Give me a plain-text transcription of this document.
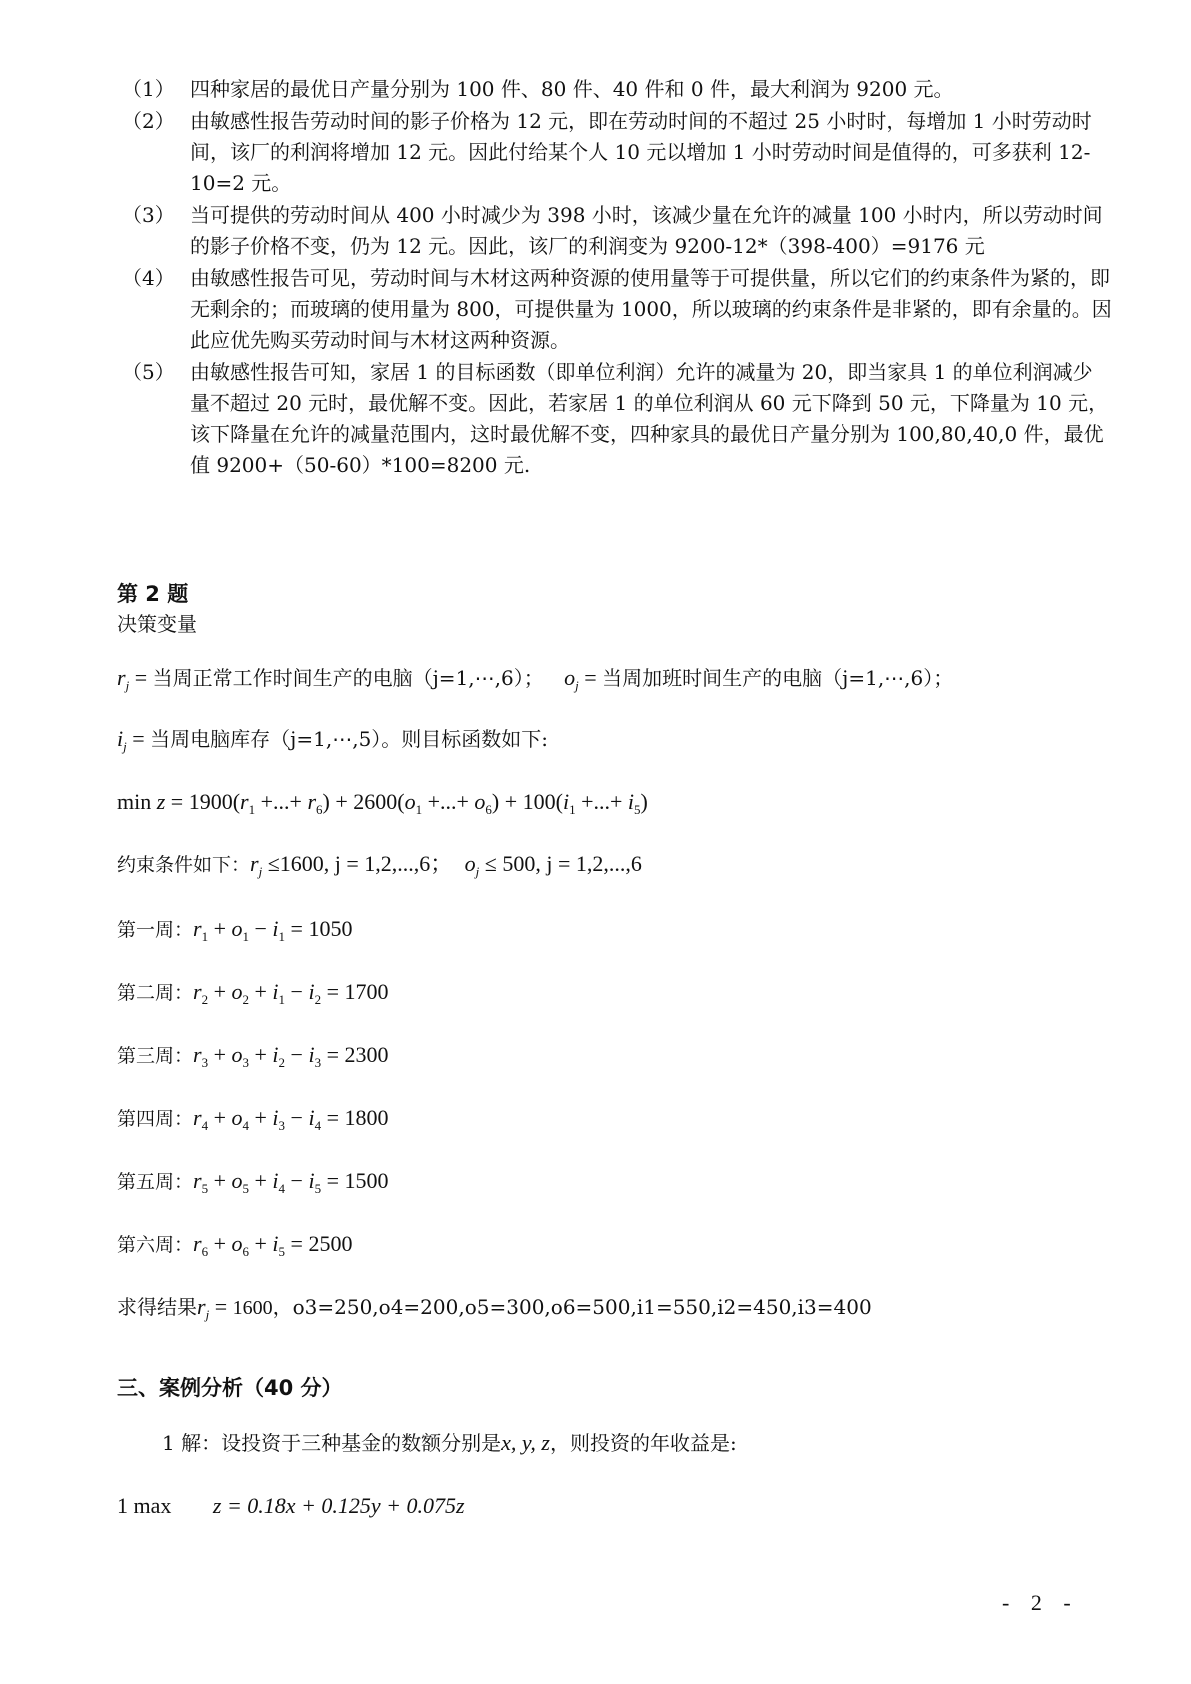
（1） 四种家居的最优日产量分别为 100 件、80 件、40 件和 0 件，最大利润为 9200 元。
（2） 由敏感性报告劳动时间的影子价格为 12 元，即在劳动时间的不超过 25 小时时，每增加 1 小时劳动时间，该厂的利润将增加 12 元。因此付给某个人 10 元以增加 1 小时劳动时间是值得的，可多获利 12-10=2 元。
（3） 当可提供的劳动时间从 400 小时减少为 398 小时，该减少量在允许的减量 100 小时内，所以劳动时间的影子价格不变，仍为 12 元。因此，该厂的利润变为 9200-12*（398-400）=9176 元
（4） 由敏感性报告可见，劳动时间与木材这两种资源的使用量等于可提供量，所以它们的约束条件为紧的，即无剩余的；而玻璃的使用量为 800，可提供量为 1000，所以玻璃的约束条件是非紧的，即有余量的。因此应优先购买劳动时间与木材这两种资源。
（5） 由敏感性报告可知，家居 1 的目标函数（即单位利润）允许的减量为 20，即当家具 1 的单位利润减少量不超过 20 元时，最优解不变。因此，若家居 1 的单位利润从 60 元下降到 50 元，下降量为 10 元，该下降量在允许的减量范围内，这时最优解不变，四种家具的最优日产量分别为 100,80,40,0 件，最优值 9200+（50-60）*100=8200 元.
第 2 题
决策变量
$r_j$ = 当周正常工作时间生产的电脑（j=1,⋯,6）； $o_j$ = 当周加班时间生产的电脑（j=1,⋯,6）；
$i_j$ = 当周电脑库存（j=1,⋯,5）。则目标函数如下:
$\min z = 1900(r_1$ +...+ $r_6) + 2600(o_1$ +...+ $o_6) + 100(i_1$ +...+ $i_5$)
约束条件如下：$r_j \le 1600$, j = 1,2,...,6； $o_j \le 500$, j = 1,2,...,6
第一周：$r_1 + o_1 - i_1 = 1050$
第二周：$r_2 + o_2 + i_1 - i_2 = 1700$
第三周：$r_3 + o_3 + i_2 - i_3 = 2300$
第四周：$r_4 + o_4 + i_3 - i_4 = 1800$
第五周：$r_5 + o_5 + i_4 - i_5 = 1500$
第六周：$r_6 + o_6 + i_5 = 2500$
求得结果$r_j = 1600$，o3=250,o4=200,o5=300,o6=500,i1=550,i2=450,i3=400
三、案例分析（40 分）
1 解：设投资于三种基金的数额分别是x, y, z，则投资的年收益是:
1 max z = 0.18x + 0.125y + 0.075z
- 2 -
